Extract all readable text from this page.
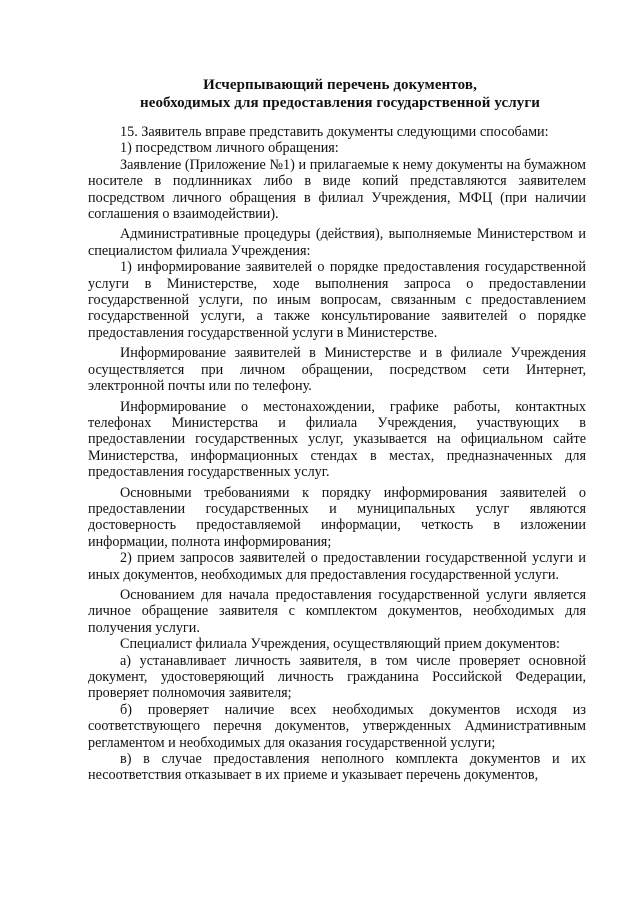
Исчерпывающий перечень документов,
необходимых для предоставления государственной услуги

15. Заявитель вправе представить документы следующими способами:

1) посредством личного обращения:

Заявление (Приложение №1) и прилагаемые к нему документы на бумажном носителе в подлинниках либо в виде копий представляются заявителем посредством личного обращения в филиал Учреждения, МФЦ (при наличии соглашения о взаимодействии).

Административные процедуры (действия), выполняемые Министерством и специалистом филиала Учреждения:

1) информирование заявителей о порядке предоставления государственной услуги в Министерстве, ходе выполнения запроса о предоставлении государственной услуги, по иным вопросам, связанным с предоставлением государственной услуги, а также консультирование заявителей о порядке предоставления государственной услуги в Министерстве.

Информирование заявителей в Министерстве и в филиале Учреждения осуществляется при личном обращении, посредством сети Интернет, электронной почты или по телефону.

Информирование о местонахождении, графике работы, контактных телефонах Министерства и филиала Учреждения, участвующих в предоставлении государственных услуг, указывается на официальном сайте Министерства, информационных стендах в местах, предназначенных для предоставления государственных услуг.

Основными требованиями к порядку информирования заявителей о предоставлении государственных и муниципальных услуг являются достоверность предоставляемой информации, четкость в изложении информации, полнота информирования;

2) прием запросов заявителей о предоставлении государственной услуги и иных документов, необходимых для предоставления государственной услуги.

Основанием для начала предоставления государственной услуги является личное обращение заявителя с комплектом документов, необходимых для получения услуги.

Специалист филиала Учреждения, осуществляющий прием документов:

а) устанавливает личность заявителя, в том числе проверяет основной документ, удостоверяющий личность гражданина Российской Федерации, проверяет полномочия заявителя;

б) проверяет наличие всех необходимых документов исходя из соответствующего перечня документов, утвержденных Административным регламентом и необходимых для оказания государственной услуги;

в) в случае предоставления неполного комплекта документов и их несоответствия отказывает в их приеме и указывает перечень документов,
